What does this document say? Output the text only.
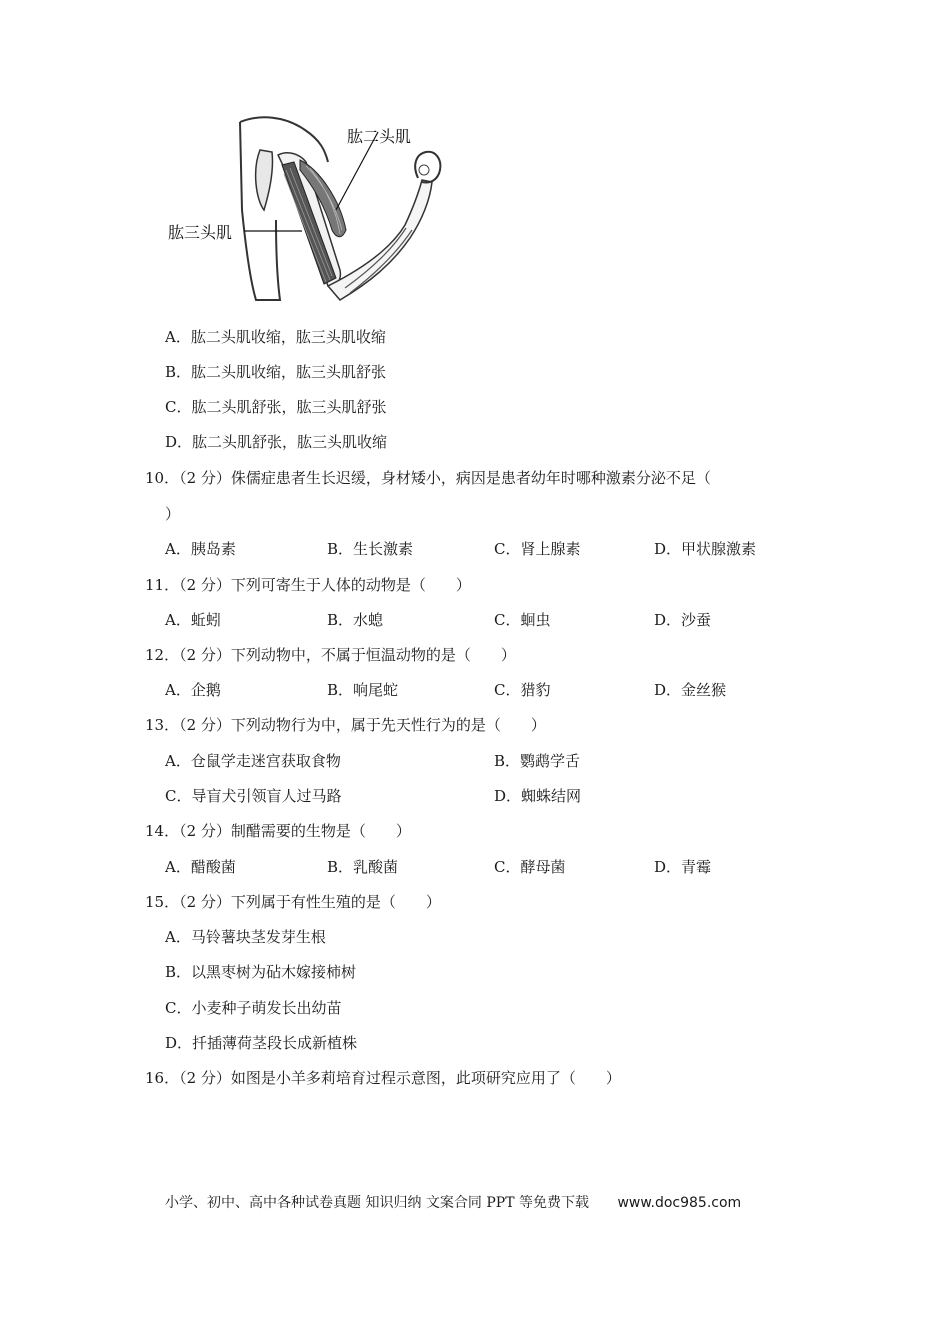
肱二头肌
肱三头肌
A．肱二头肌收缩，肱三头肌收缩
B．肱二头肌收缩，肱三头肌舒张
C．肱二头肌舒张，肱三头肌舒张
D．肱二头肌舒张，肱三头肌收缩
10．（2 分）侏儒症患者生长迟缓，身材矮小，病因是患者幼年时哪种激素分泌不足（
）
A．胰岛素	B．生长激素	C．肾上腺素	D．甲状腺激素
11．（2 分）下列可寄生于人体的动物是（　　）
A．蚯蚓	B．水螅	C．蛔虫	D．沙蚕
12．（2 分）下列动物中，不属于恒温动物的是（　　）
A．企鹅	B．响尾蛇	C．猎豹	D．金丝猴
13．（2 分）下列动物行为中，属于先天性行为的是（　　）
A．仓鼠学走迷宫获取食物	B．鹦鹉学舌
C．导盲犬引领盲人过马路	D．蜘蛛结网
14．（2 分）制醋需要的生物是（　　）
A．醋酸菌	B．乳酸菌	C．酵母菌	D．青霉
15．（2 分）下列属于有性生殖的是（　　）
A．马铃薯块茎发芽生根
B．以黑枣树为砧木嫁接柿树
C．小麦种子萌发长出幼苗
D．扦插薄荷茎段长成新植株
16．（2 分）如图是小羊多莉培育过程示意图，此项研究应用了（　　）
小学、初中、高中各种试卷真题 知识归纳 文案合同 PPT 等免费下载 www.doc985.com
